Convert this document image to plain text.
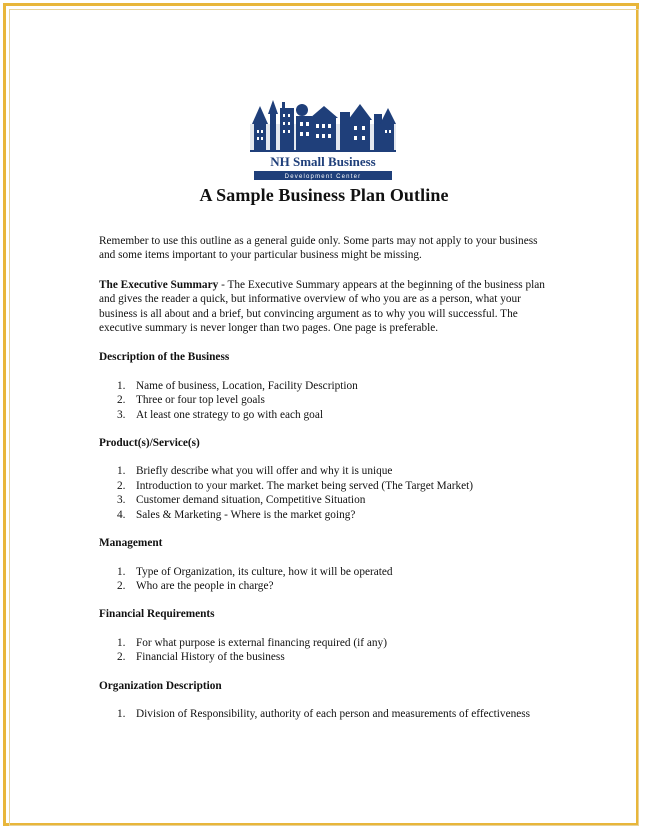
NH Small Business
Development Center
A Sample Business Plan Outline

Remember to use this outline as a general guide only. Some parts may not apply to your business and some items important to your particular business might be missing.

The Executive Summary - The Executive Summary appears at the beginning of the business plan and gives the reader a quick, but informative overview of who you are as a person, what your business is all about and a brief, but convincing argument as to why you will successful. The executive summary is never longer than two pages. One page is preferable.

Description of the Business

1. Name of business, Location, Facility Description
2. Three or four top level goals
3. At least one strategy to go with each goal

Product(s)/Service(s)

1. Briefly describe what you will offer and why it is unique
2. Introduction to your market. The market being served (The Target Market)
3. Customer demand situation, Competitive Situation
4. Sales & Marketing - Where is the market going?

Management

1. Type of Organization, its culture, how it will be operated
2. Who are the people in charge?

Financial Requirements

1. For what purpose is external financing required (if any)
2. Financial History of the business

Organization Description

1. Division of Responsibility, authority of each person and measurements of effectiveness
